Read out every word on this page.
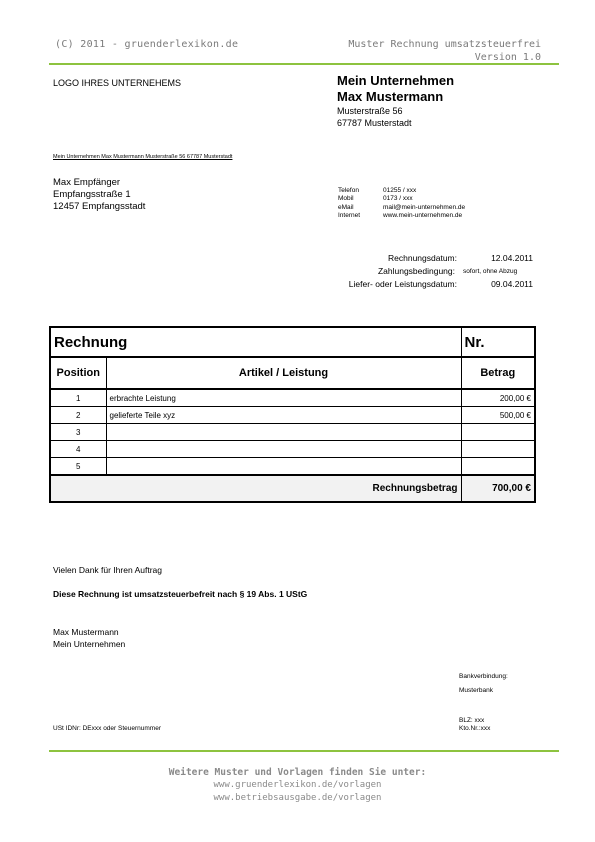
(C) 2011 - gruenderlexikon.de	Muster Rechnung umsatzsteuerfrei
Version 1.0
LOGO IHRES UNTERNEHEMS	Mein Unternehmen
Max Mustermann
Musterstraße 56
67787 Musterstadt
Mein Unternehmen Max Mustermann Musterstraße 56 67787 Musterstadt
Max Empfänger
Empfangsstraße 1
12457 Empfangsstadt
Telefon	01255 / xxx
Mobil	0173 / xxx
eMail	mail@mein-unternehmen.de
Internet	www.mein-unternehmen.de
Rechnungsdatum:	12.04.2011
Zahlungsbedingung:	sofort, ohne Abzug
Liefer- oder Leistungsdatum:	09.04.2011
Rechnung		Nr.
Position	Artikel / Leistung	Betrag
1	erbrachte Leistung	200,00 €
2	gelieferte Teile xyz	500,00 €
3		
4		
5		
Rechnungsbetrag		700,00 €
Vielen Dank für Ihren Auftrag
Diese Rechnung ist umsatzsteuerbefreit nach § 19 Abs. 1 UStG
Max Mustermann
Mein Unternehmen
Bankverbindung:
Musterbank
BLZ: xxx
Kto.Nr.:xxx
USt IDNr: DExxx oder Steuernummer
Weitere Muster und Vorlagen finden Sie unter:
www.gruenderlexikon.de/vorlagen
www.betriebsausgabe.de/vorlagen
